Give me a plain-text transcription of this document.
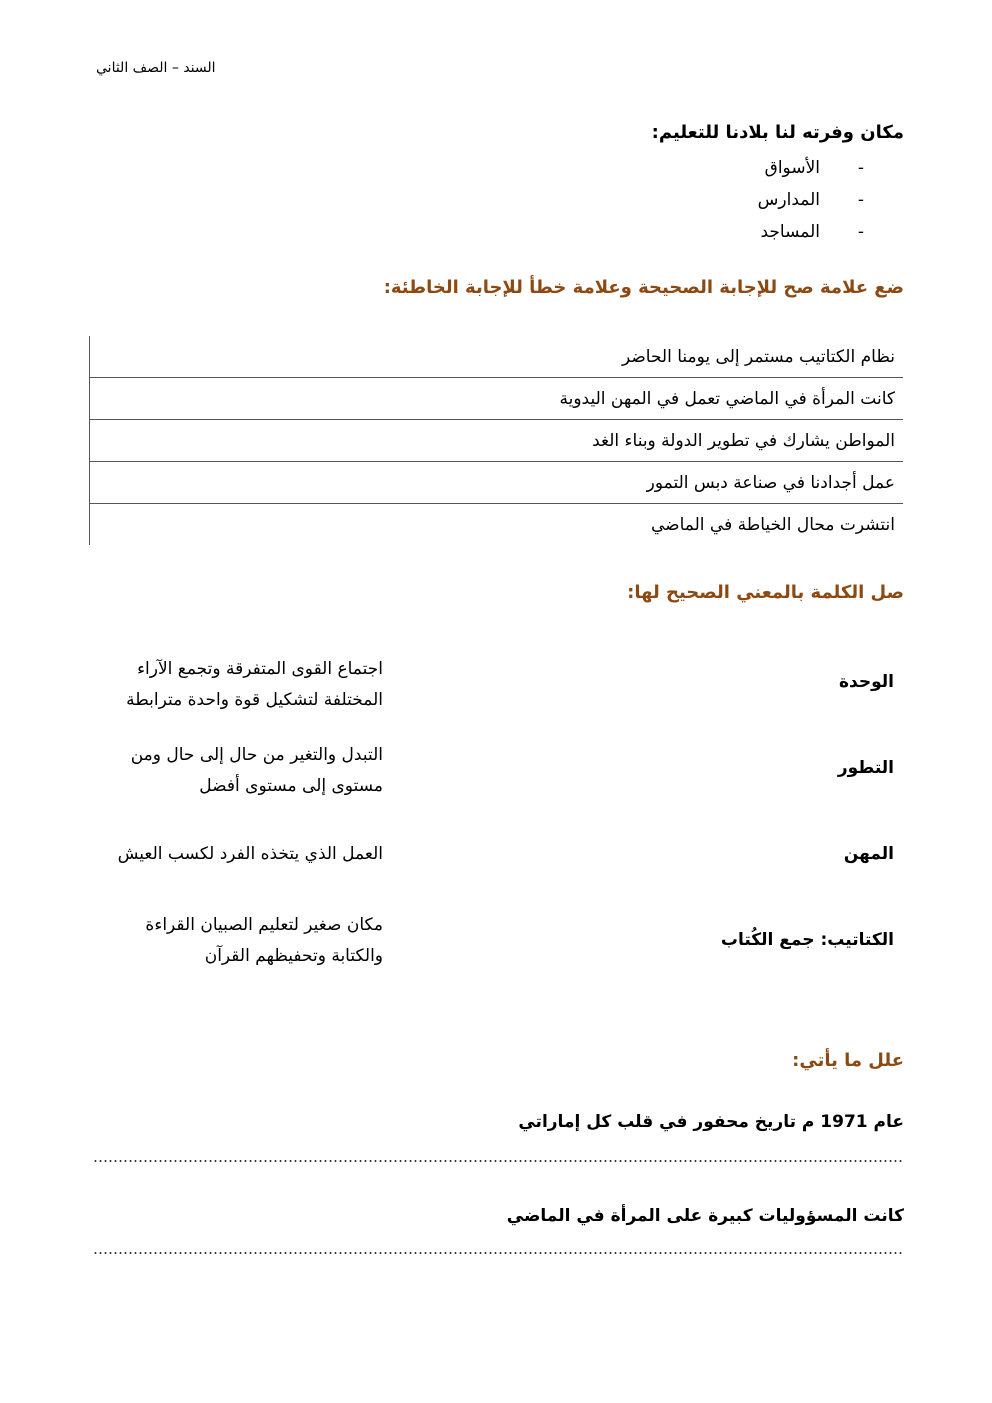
السند – الصف الثاني
مكان وفرته لنا بلادنا للتعليم:
الأسواق
المدارس
المساجد
ضع علامة صح للإجابة الصحيحة وعلامة خطأ للإجابة الخاطئة:
نظام الكتاتيب مستمر إلى يومنا الحاضر	
كانت المرأة في الماضي تعمل في المهن اليدوية	
المواطن يشارك في تطوير الدولة وبناء الغد	
عمل أجدادنا في صناعة دبس التمور	
انتشرت محال الخياطة في الماضي	
صل الكلمة بالمعني الصحيح لها:
الوحدة
اجتماع القوى المتفرقة وتجمع الآراء المختلفة لتشكيل قوة واحدة مترابطة
التطور
التبدل والتغير من حال إلى حال ومن مستوى إلى مستوى أفضل
المهن
العمل الذي يتخذه الفرد لكسب العيش
الكتاتيب: جمع الكُتاب
مكان صغير لتعليم الصبيان القراءة والكتابة وتحفيظهم القرآن
علل ما يأتي:
عام 1971 م تاريخ محفور في قلب كل إماراتي
كانت المسؤوليات كبيرة على المرأة في الماضي
